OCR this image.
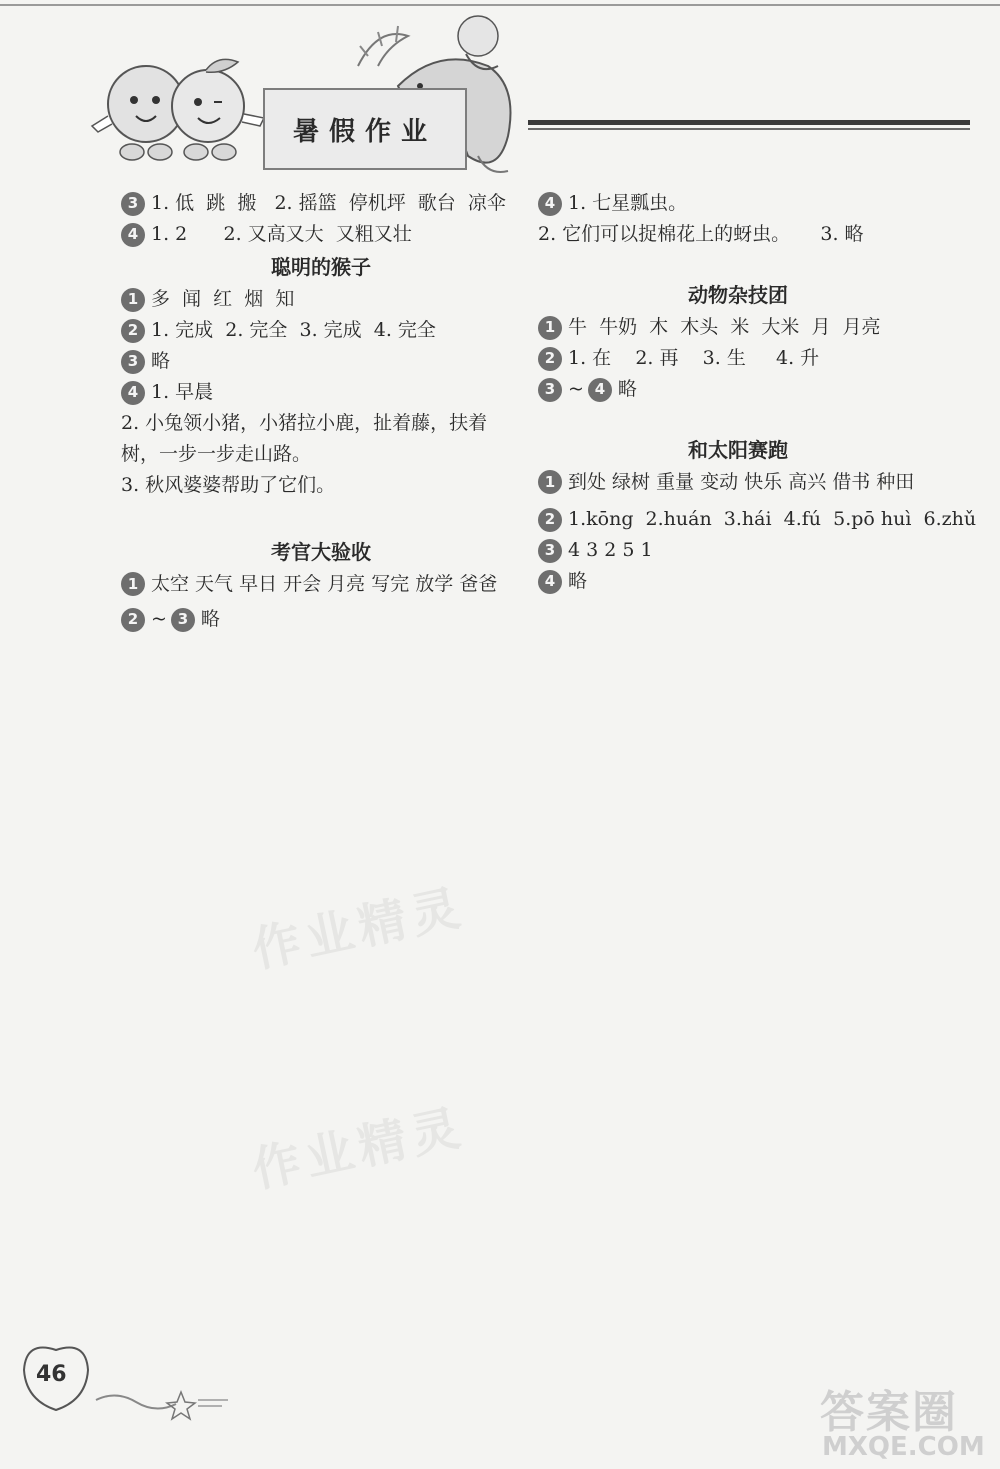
暑假作业
3 1. 低  跳  搬   2. 摇篮  停机坪  歌台  凉伞
4 1. 2      2. 又高又大  又粗又壮
聪明的猴子
1 多  闻  红  烟  知
2 1. 完成  2. 完全  3. 完成  4. 完全
3 略
4 1. 早晨
2. 小兔领小猪，小猪拉小鹿，扯着藤，扶着树，一步一步走山路。
3. 秋风婆婆帮助了它们。
考官大验收
1 太空 天气 早日 开会 月亮 写完 放学 爸爸
2 ~ 3 略
4 1. 七星瓢虫。
2. 它们可以捉棉花上的蚜虫。     3. 略
动物杂技团
1 牛  牛奶  木  木头  米  大米  月  月亮
2 1. 在    2. 再    3. 生     4. 升
3 ~ 4 略
和太阳赛跑
1 到处 绿树 重量 变动 快乐 高兴 借书 种田
2 1.kōng  2.huán  3.hái  4.fú  5.pō huì  6.zhǔ
3 4 3 2 5 1
4 略
作业精灵
作业精灵
46
答案圈
MXQE.COM
